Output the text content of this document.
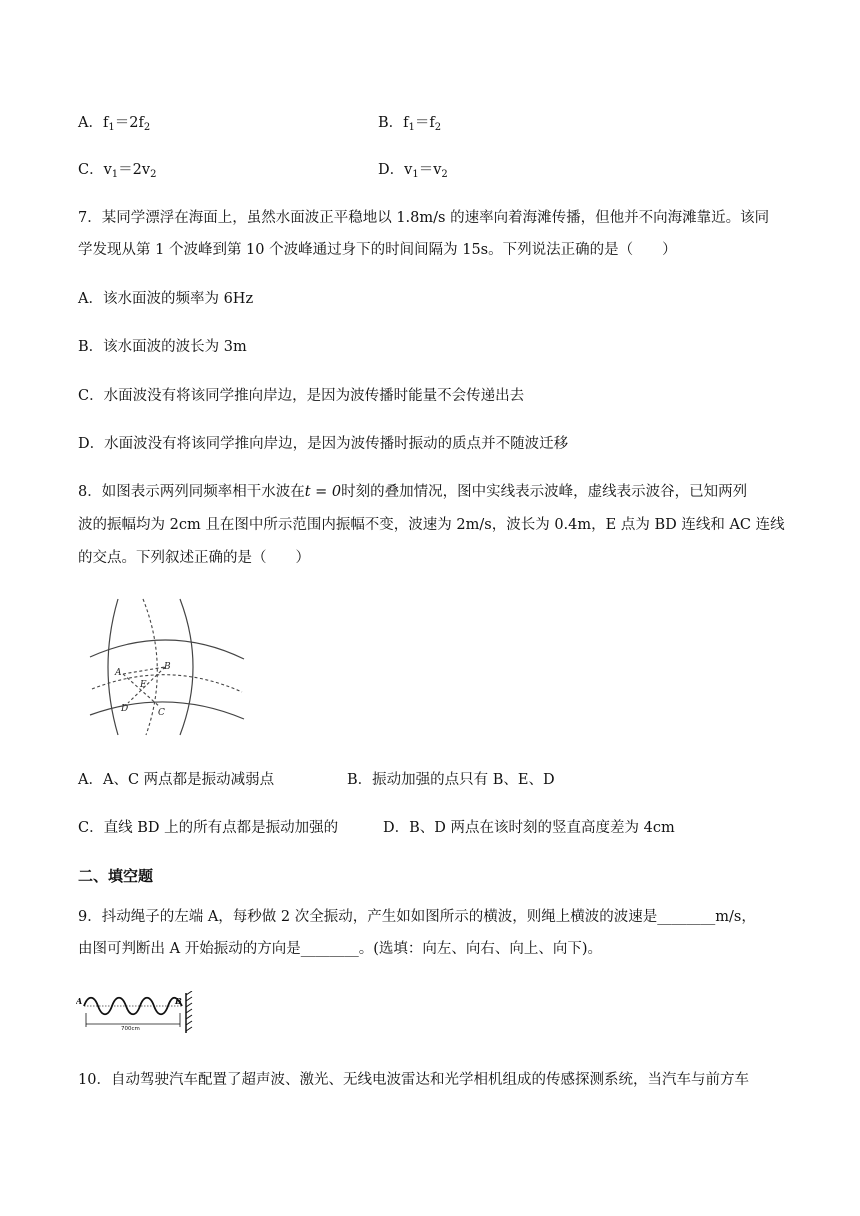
A．$f_1=2f_2$	B．$f_1=f_2$
C．$v_1=2v_2$	D．$v_1=v_2$
7．某同学漂浮在海面上，虽然水面波正平稳地以 1.8m/s 的速率向着海滩传播，但他并不向海滩靠近。该同
学发现从第 1 个波峰到第 10 个波峰通过身下的时间间隔为 15s。下列说法正确的是（　　）
A．该水面波的频率为 6Hz
B．该水面波的波长为 3m
C．水面波没有将该同学推向岸边，是因为波传播时能量不会传递出去
D．水面波没有将该同学推向岸边，是因为波传播时振动的质点并不随波迁移
8．如图表示两列同频率相干水波在t = 0时刻的叠加情况，图中实线表示波峰，虚线表示波谷，已知两列
波的振幅均为 2cm 且在图中所示范围内振幅不变，波速为 2m/s，波长为 0.4m，E 点为 BD 连线和 AC 连线
的交点。下列叙述正确的是（　　）
A
B
C
D
E
A．A、C 两点都是振动减弱点	B．振动加强的点只有 B、E、D
C．直线 BD 上的所有点都是振动加强的	D．B、D 两点在该时刻的竖直高度差为 4cm
二、填空题
9．抖动绳子的左端 A，每秒做 2 次全振动，产生如如图所示的横波，则绳上横波的波速是________m/s，
由图可判断出 A 开始振动的方向是________。(选填：向左、向右、向上、向下)。
A	B
700cm
10．自动驾驶汽车配置了超声波、激光、无线电波雷达和光学相机组成的传感探测系统，当汽车与前方车
